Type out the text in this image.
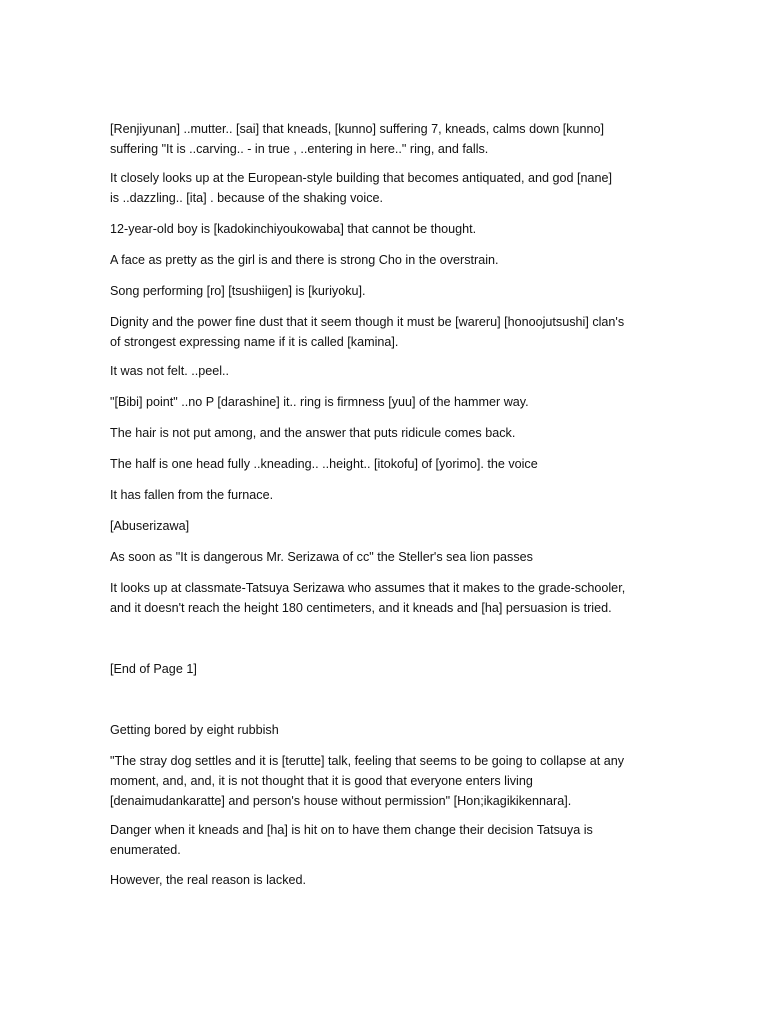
[Renjiyunan] ..mutter.. [sai] that kneads, [kunno] suffering 7, kneads, calms down [kunno]
suffering "It is ..carving.. - in true , ..entering in here.." ring, and falls.

It closely looks up at the European-style building that becomes antiquated, and god [nane]
is ..dazzling.. [ita] . because of the shaking voice.

12-year-old boy is [kadokinchiyoukowaba] that cannot be thought.

A face as pretty as the girl is and there is strong Cho in the overstrain.

Song performing [ro] [tsushiigen] is [kuriyoku].

Dignity and the power fine dust that it seem though it must be [wareru] [honoojutsushi] clan's
of strongest expressing name if it is called [kamina].

It was not felt. ..peel..

"[Bibi] point" ..no P [darashine] it.. ring is firmness [yuu] of the hammer way.

The hair is not put among, and the answer that puts ridicule comes back.

The half is one head fully ..kneading.. ..height.. [itokofu] of [yorimo]. the voice

It has fallen from the furnace.

[Abuserizawa]

As soon as "It is dangerous Mr. Serizawa of cc" the Steller's sea lion passes

It looks up at classmate-Tatsuya Serizawa who assumes that it makes to the grade-schooler,
and it doesn't reach the height 180 centimeters, and it kneads and [ha] persuasion is tried.

[End of Page 1]

Getting bored by eight rubbish

"The stray dog settles and it is [terutte] talk, feeling that seems to be going to collapse at any
moment, and, and, it is not thought that it is good that everyone enters living
[denaimudankaratte] and person's house without permission" [Hon;ikagikikennara].

Danger when it kneads and [ha] is hit on to have them change their decision Tatsuya is
enumerated.

However, the real reason is lacked.
